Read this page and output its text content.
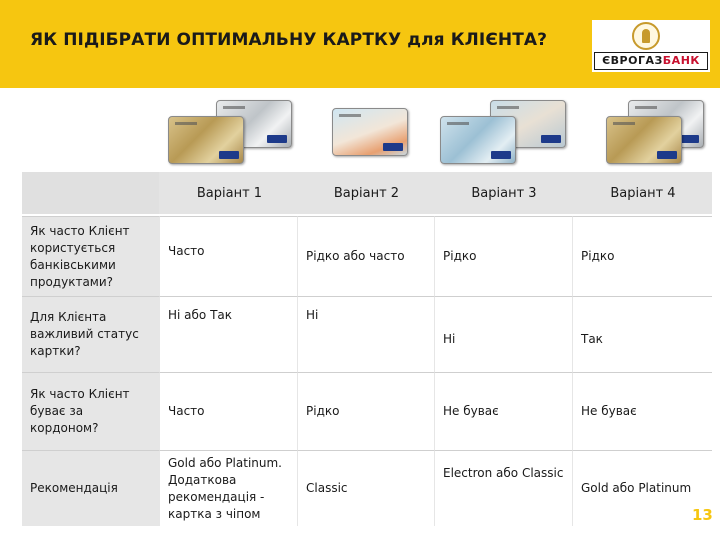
ЯК ПІДІБРАТИ ОПТИМАЛЬНУ КАРТКУ для КЛІЄНТА?
ЄВРОГАЗБАНК
	Варіант 1	Варіант 2	Варіант 3	Варіант 4
Як часто Клієнт користується банківськими продуктами?	Часто	Рідко або часто	Рідко	Рідко
Для Клієнта важливий статус картки?	Ні або Так	Ні	Ні	Так
Як часто Клієнт буває за кордоном?	Часто	Рідко	Не буває	Не буває
Рекомендація	Gold або Platinum. Додаткова рекомендація - картка з чіпом	Classic	Electron або Classic	Gold або Platinum
13
